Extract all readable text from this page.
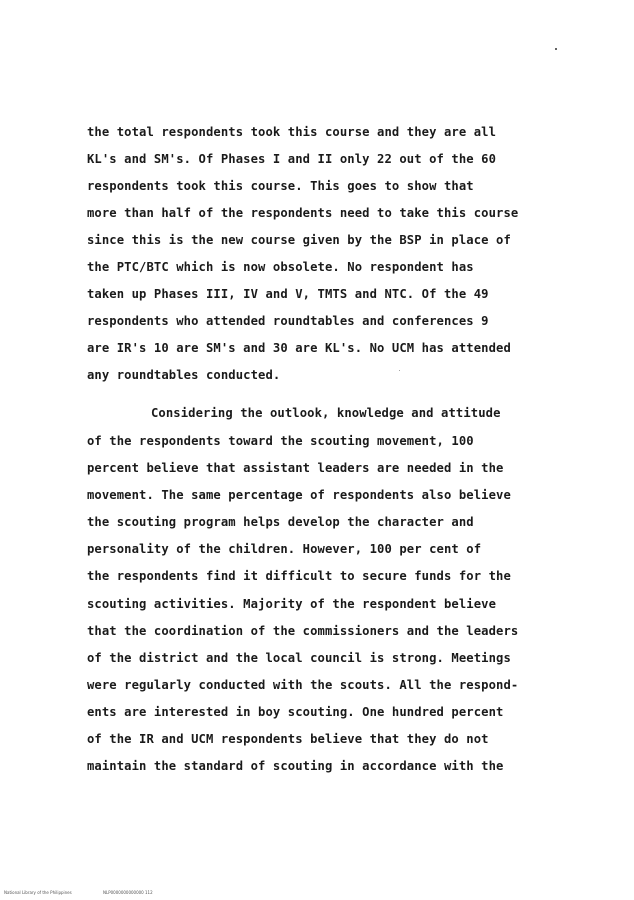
the total respondents took this course and they are all
KL's and SM's. Of Phases I and II only 22 out of the 60
respondents took this course. This goes to show that
more than half of the respondents need to take this course
since this is the new course given by the BSP in place of
the PTC/BTC which is now obsolete. No respondent has
taken up Phases III, IV and V, TMTS and NTC. Of the 49
respondents who attended roundtables and conferences 9
are IR's 10 are SM's and 30 are KL's. No UCM has attended
any roundtables conducted.
Considering the outlook, knowledge and attitude
of the respondents toward the scouting movement, 100
percent believe that assistant leaders are needed in the
movement. The same percentage of respondents also believe
the scouting program helps develop the character and
personality of the children. However, 100 per cent of
the respondents find it difficult to secure funds for the
scouting activities. Majority of the respondent believe
that the coordination of the commissioners and the leaders
of the district and the local council is strong. Meetings
were regularly conducted with the scouts. All the respond-
ents are interested in boy scouting. One hundred percent
of the IR and UCM respondents believe that they do not
maintain the standard of scouting in accordance with the
National Library of the Philippines	NLP0000000000000 112
